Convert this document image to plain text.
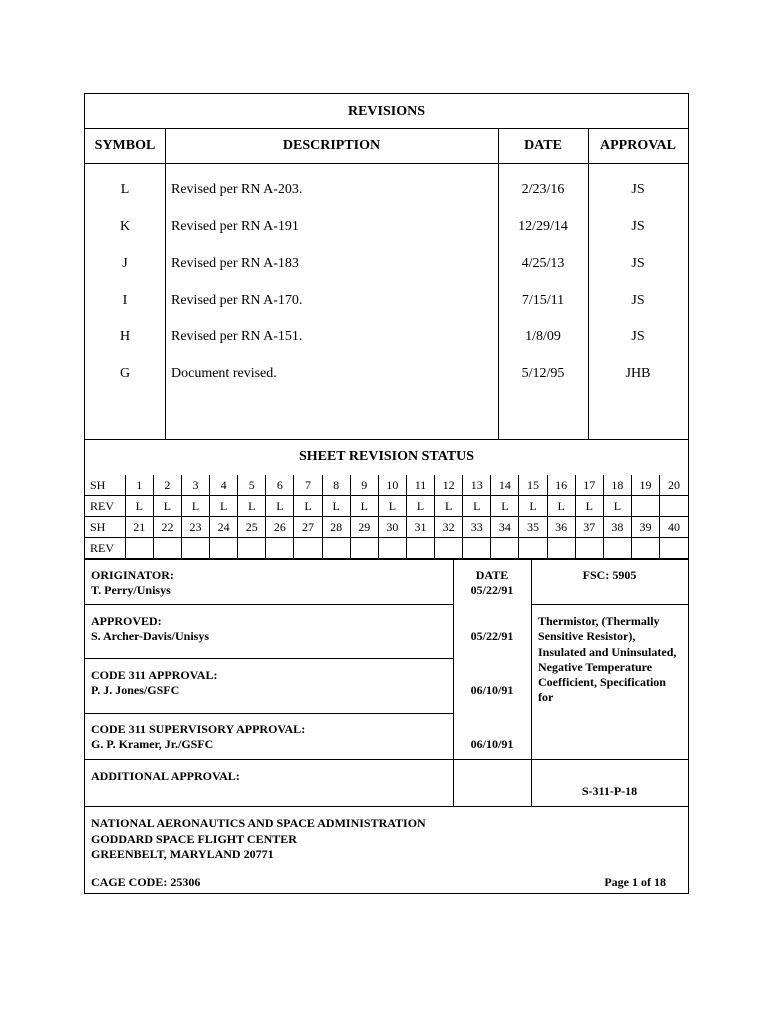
REVISIONS
SYMBOL	DESCRIPTION	DATE	APPROVAL
L	Revised per RN A-203.	2/23/16	JS
K	Revised per RN A-191	12/29/14	JS
J	Revised per RN A-183	4/25/13	JS
I	Revised per RN A-170.	7/15/11	JS
H	Revised per RN A-151.	1/8/09	JS
G	Document revised.	5/12/95	JHB
SHEET REVISION STATUS
SH	1	2	3	4	5	6	7	8	9	10	11	12	13	14	15	16	17	18	19	20
REV	L	L	L	L	L	L	L	L	L	L	L	L	L	L	L	L	L	L		
SH	21	22	23	24	25	26	27	28	29	30	31	32	33	34	35	36	37	38	39	40
REV																				
ORIGINATOR:
T. Perry/Unisys
DATE
05/22/91
FSC: 5905
APPROVED:
S. Archer-Davis/Unisys	05/22/91
Thermistor, (Thermally
Sensitive Resistor),
Insulated and Uninsulated,
Negative Temperature
Coefficient, Specification
for
CODE 311 APPROVAL:
P. J. Jones/GSFC	06/10/91
CODE 311 SUPERVISORY APPROVAL:
G. P. Kramer, Jr./GSFC	06/10/91
ADDITIONAL APPROVAL:
S-311-P-18
NATIONAL AERONAUTICS AND SPACE ADMINISTRATION
GODDARD SPACE FLIGHT CENTER
GREENBELT, MARYLAND 20771
CAGE CODE: 25306	Page 1 of 18
